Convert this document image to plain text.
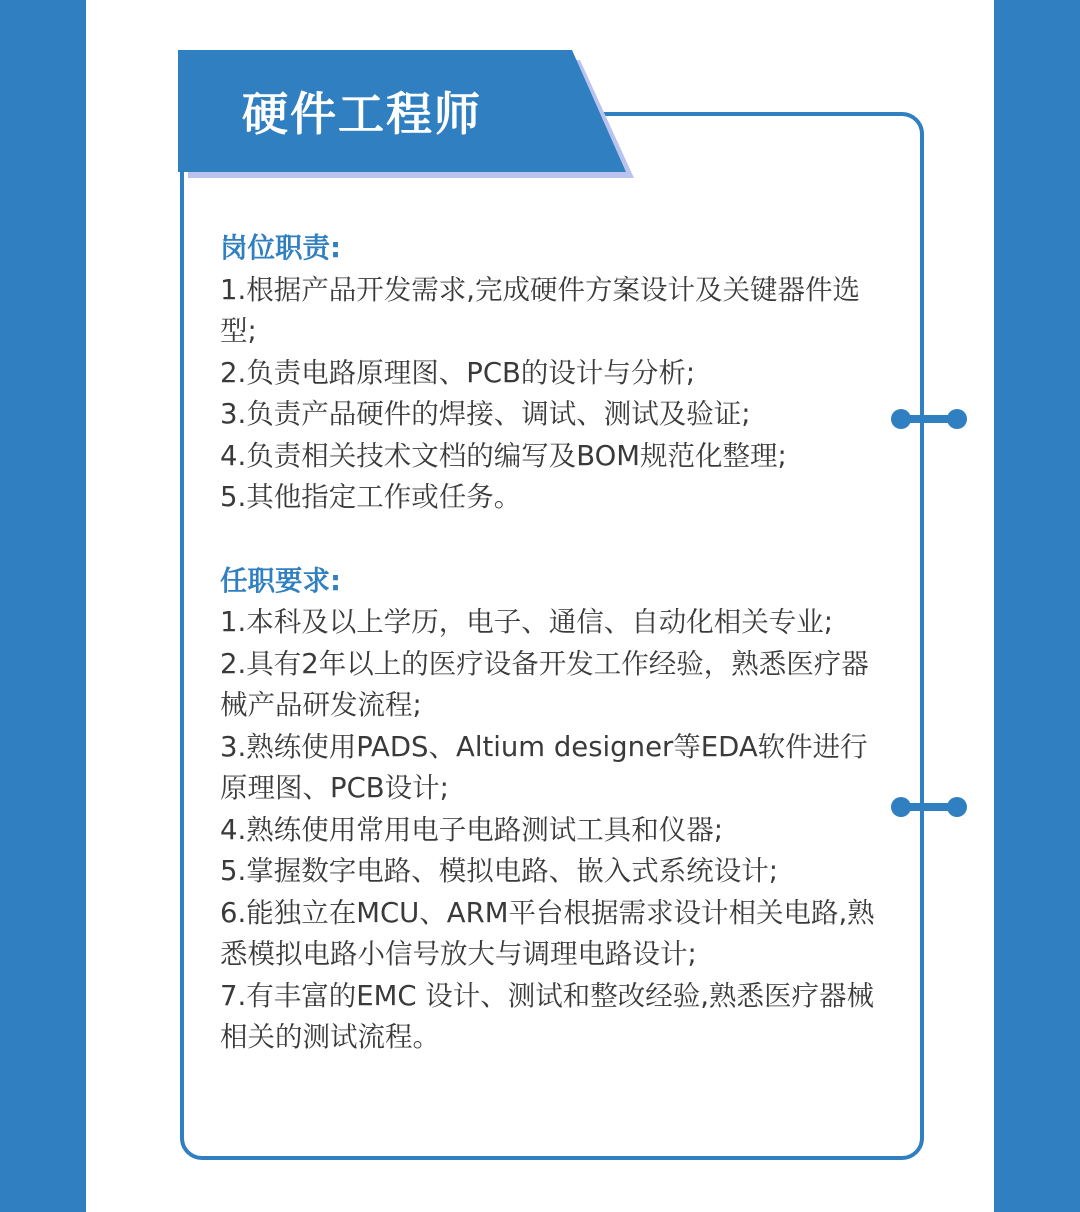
硬件工程师
岗位职责:
1.根据产品开发需求,完成硬件方案设计及关键器件选型;
2.负责电路原理图、PCB的设计与分析;
3.负责产品硬件的焊接、调试、测试及验证;
4.负责相关技术文档的编写及BOM规范化整理;
5.其他指定工作或任务。
任职要求:
1.本科及以上学历，电子、通信、自动化相关专业;
2.具有2年以上的医疗设备开发工作经验，熟悉医疗器械产品研发流程;
3.熟练使用PADS、Altium designer等EDA软件进行原理图、PCB设计;
4.熟练使用常用电子电路测试工具和仪器;
5.掌握数字电路、模拟电路、嵌入式系统设计;
6.能独立在MCU、ARM平台根据需求设计相关电路,熟悉模拟电路小信号放大与调理电路设计;
7.有丰富的EMC 设计、测试和整改经验,熟悉医疗器械相关的测试流程。
